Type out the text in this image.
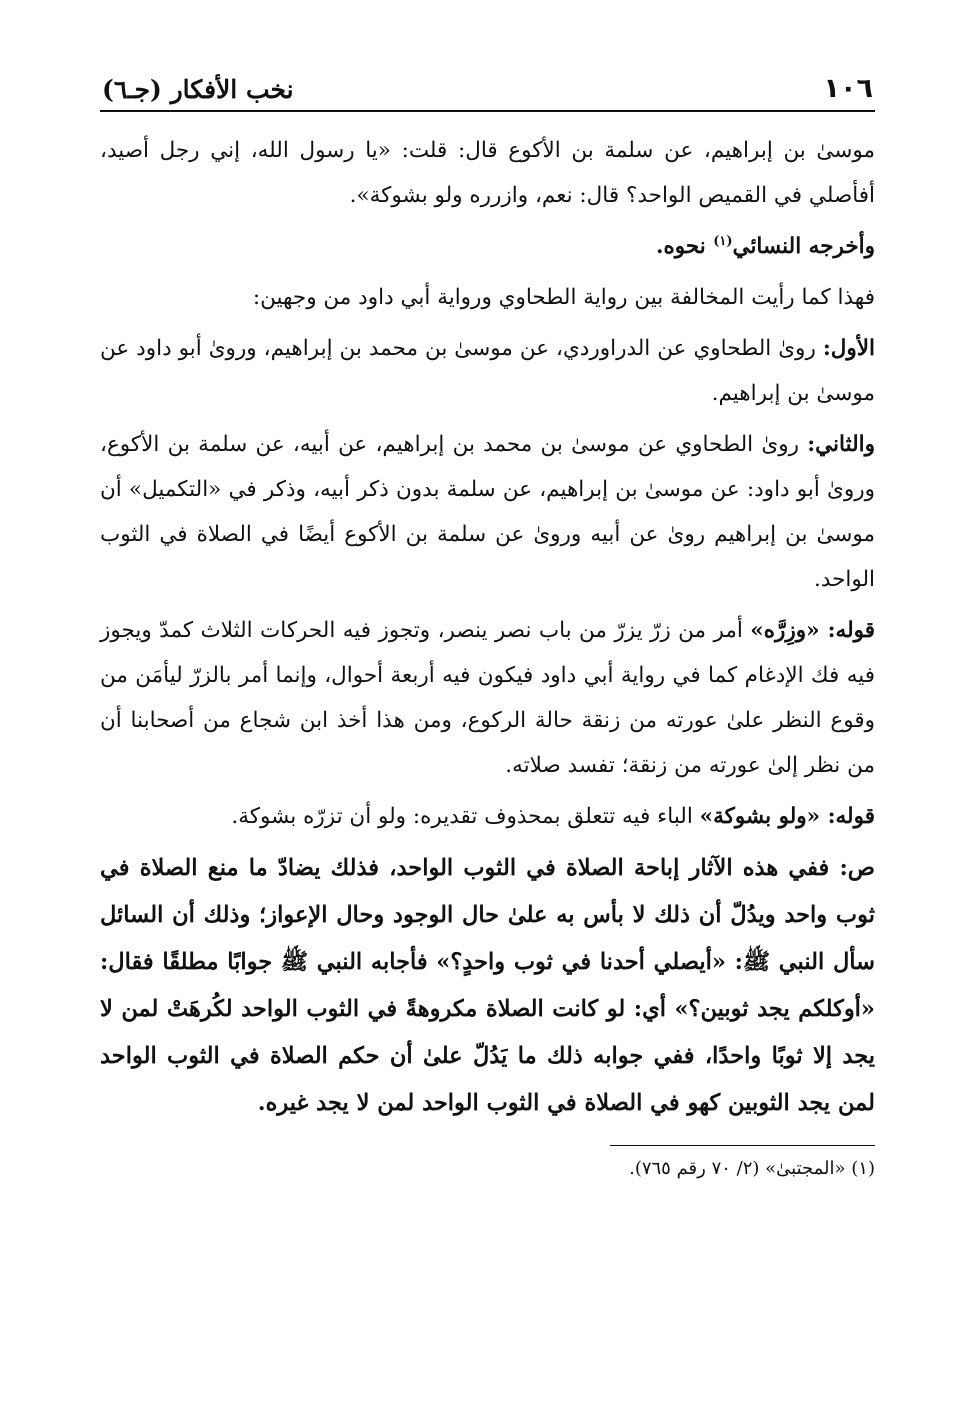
١٠٦
نخب الأفكار (جـ٦)

موسىٰ بن إبراهيم، عن سلمة بن الأكوع قال: قلت: «يا رسول الله، إني رجل أصيد، أفأصلي في القميص الواحد؟ قال: نعم، وازرره ولو بشوكة».

وأخرجه النسائي$^{(١)}$ نحوه.

فهذا كما رأيت المخالفة بين رواية الطحاوي ورواية أبي داود من وجهين:

الأول: روىٰ الطحاوي عن الدراوردي، عن موسىٰ بن محمد بن إبراهيم، وروىٰ أبو داود عن موسىٰ بن إبراهيم.

والثاني: روىٰ الطحاوي عن موسىٰ بن محمد بن إبراهيم، عن أبيه، عن سلمة بن الأكوع، وروىٰ أبو داود: عن موسىٰ بن إبراهيم، عن سلمة بدون ذكر أبيه، وذكر في «التكميل» أن موسىٰ بن إبراهيم روىٰ عن أبيه وروىٰ عن سلمة بن الأكوع أيضًا في الصلاة في الثوب الواحد.

قوله: «وزِرَّه» أمر من زرّ يزرّ من باب نصر ينصر، وتجوز فيه الحركات الثلاث كمدّ ويجوز فيه فك الإدغام كما في رواية أبي داود فيكون فيه أربعة أحوال، وإنما أمر بالزرّ ليأمَن من وقوع النظر علىٰ عورته من زنقة حالة الركوع، ومن هذا أخذ ابن شجاع من أصحابنا أن من نظر إلىٰ عورته من زنقة؛ تفسد صلاته.

قوله: «ولو بشوكة» الباء فيه تتعلق بمحذوف تقديره: ولو أن تزرّه بشوكة.

ص: ففي هذه الآثار إباحة الصلاة في الثوب الواحد، فذلك يضادّ ما منع الصلاة في ثوب واحد ويدُلّ أن ذلك لا بأس به علىٰ حال الوجود وحال الإعواز؛ وذلك أن السائل سأل النبي ﷺ: «أيصلي أحدنا في ثوب واحدٍ؟» فأجابه النبي ﷺ جوابًا مطلقًا فقال: «أوكلكم يجد ثوبين؟» أي: لو كانت الصلاة مكروهةً في الثوب الواحد لكُرهَتْ لمن لا يجد إلا ثوبًا واحدًا، ففي جوابه ذلك ما يَدُلّ علىٰ أن حكم الصلاة في الثوب الواحد لمن يجد الثوبين كهو في الصلاة في الثوب الواحد لمن لا يجد غيره.

(١) «المجتبىٰ» (٢/ ٧٠ رقم ٧٦٥).
